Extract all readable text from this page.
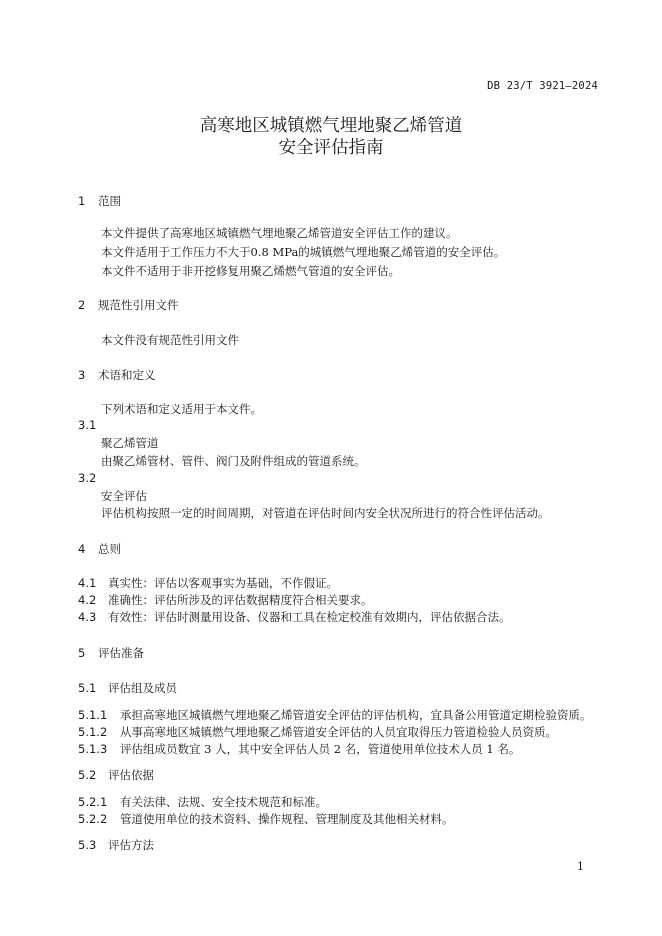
DB 23/T 3921—2024
高寒地区城镇燃气埋地聚乙烯管道
安全评估指南
1 范围
本文件提供了高寒地区城镇燃气埋地聚乙烯管道安全评估工作的建议。
本文件适用于工作压力不大于0.8 MPa的城镇燃气埋地聚乙烯管道的安全评估。
本文件不适用于非开挖修复用聚乙烯燃气管道的安全评估。
2 规范性引用文件
本文件没有规范性引用文件
3 术语和定义
下列术语和定义适用于本文件。
3.1
聚乙烯管道
由聚乙烯管材、管件、阀门及附件组成的管道系统。
3.2
安全评估
评估机构按照一定的时间周期，对管道在评估时间内安全状况所进行的符合性评估活动。
4 总则
4.1 真实性：评估以客观事实为基础，不作假证。
4.2 准确性：评估所涉及的评估数据精度符合相关要求。
4.3 有效性：评估时测量用设备、仪器和工具在检定校准有效期内，评估依据合法。
5 评估准备
5.1 评估组及成员
5.1.1 承担高寒地区城镇燃气埋地聚乙烯管道安全评估的评估机构，宜具备公用管道定期检验资质。
5.1.2 从事高寒地区城镇燃气埋地聚乙烯管道安全评估的人员宜取得压力管道检验人员资质。
5.1.3 评估组成员数宜 3 人，其中安全评估人员 2 名，管道使用单位技术人员 1 名。
5.2 评估依据
5.2.1 有关法律、法规、安全技术规范和标准。
5.2.2 管道使用单位的技术资料、操作规程、管理制度及其他相关材料。
5.3 评估方法
1
